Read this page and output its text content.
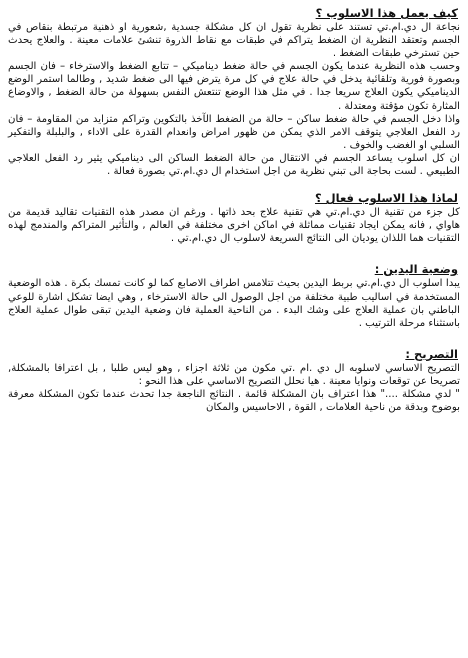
كيف يعمل هذا الاسلوب ؟

نجاعة ال دي.ام.تي تستند على نظرية تقول ان كل مشكلة جسدية ,شعورية او ذهنية مرتبطة بنقاص في الجسم وتعتقد النظرية ان الضغط يتراكم في طبقات مع نقاط الذروة تنشئ علامات معينة . والعلاج يحدث حين تسترخي طبقات الضغط .

وحسب هذه النظرية عندما يكون الجسم في حالة ضغط ديناميكي – تتابع الضغط والاسترخاء – فان الجسم وبصورة فورية وتلقائية يدخل في حالة علاج في كل مرة يترض فيها الى ضغط شديد , وطالما استمر الوضع الديناميكي يكون العلاج سريعا جدا . في مثل هذا الوضع تنتعش النفس بسهولة من حالة الضغط , والاوضاع المثارة تكون مؤقتة ومعتدلة .

واذا دخل الجسم في حالة ضغط ساكن – حالة من الضغط الآخذ بالتكوين وتراكم متزايد من المقاومة – فان رد الفعل العلاجي يتوقف الامر الذي يمكن من ظهور امراض وانعدام القدرة على الاداء , والبلبلة والتفكير السلبي او الغضب والخوف .

ان كل اسلوب يساعد الجسم في الانتقال من حالة الضغط الساكن الى ديناميكي يثير رد الفعل العلاجي الطبيعي . لست بحاجة الى تبني نظرية من اجل استخدام ال دي.ام.تي بصورة فعالة .

لماذا هذا الاسلوب فعال ؟

كل جزء من تقنية ال دي.ام.تي هي تقنية علاج بحد ذاتها . ورغم ان مصدر هذه التقنيات تقاليد قديمة من هاواي , فانه يمكن ايجاد تقنيات مماثلة في اماكن اخرى مختلفة في العالم , والتأثير المتراكم والمندمج لهذه التقنيات هما اللذان يوديان الى النتائج السريعة لاسلوب ال دي.ام.تي .

وضعية اليدين :

يبدا اسلوب ال دي.ام.تي بربط اليدين بحيث تتلامس اطراف الاصابع كما لو كانت تمسك بكرة . هذه الوضعية المستخدمة في اساليب طبية مختلفة من اجل الوصول الى حالة الاسترخاء , وهي ايضا تشكل اشارة للوعي الباطني بان عملية العلاج على وشك البدء . من الناحية العملية فان وضعية اليدين تبقى طوال عملية العلاج باستثناء مرحلة الترتيب .

التصريح :

التصريح الاساسي لاسلوبه ال دي .ام .تي مكون من ثلاثة اجزاء , وهو ليس طلبا , بل اعترافا بالمشكلة, تصريحا عن توقعات ونوايا معينة . هيا نحلل التصريح الاساسي على هذا النحو :

" لدي مشكلة ...." هذا اعتراف بان المشكلة قائمة . النتائج الناجعة جدا تحدث عندما تكون المشكلة معرفة بوضوح وبدقة من ناحية العلامات , القوة , الاحاسيس والمكان
